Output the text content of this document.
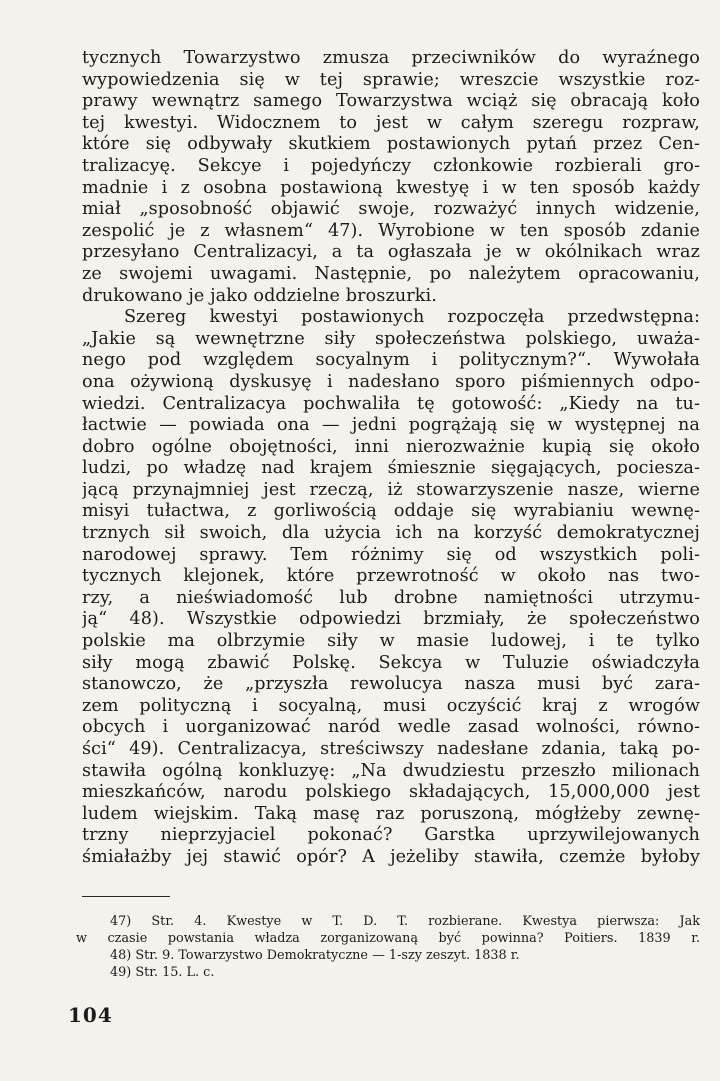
tycznych Towarzystwo zmusza przeciwników do wyraźnego
wypowiedzenia się w tej sprawie; wreszcie wszystkie roz-
prawy wewnątrz samego Towarzystwa wciąż się obracają koło
tej kwestyi. Widocznem to jest w całym szeregu rozpraw,
które się odbywały skutkiem postawionych pytań przez Cen-
tralizacyę. Sekcye i pojedyńczy członkowie rozbierali gro-
madnie i z osobna postawioną kwestyę i w ten sposób każdy
miał „sposobność objawić swoje, rozważyć innych widzenie,
zespolić je z własnem“ 47). Wyrobione w ten sposób zdanie
przesyłano Centralizacyi, a ta ogłaszała je w okólnikach wraz
ze swojemi uwagami. Następnie, po należytem opracowaniu,
drukowano je jako oddzielne broszurki.
Szereg kwestyi postawionych rozpoczęła przedwstępna:
„Jakie są wewnętrzne siły społeczeństwa polskiego, uważa-
nego pod względem socyalnym i politycznym?“. Wywołała
ona ożywioną dyskusyę i nadesłano sporo piśmiennych odpo-
wiedzi. Centralizacya pochwaliła tę gotowość: „Kiedy na tu-
łactwie — powiada ona — jedni pogrążają się w występnej na
dobro ogólne obojętności, inni nierozważnie kupią się około
ludzi, po władzę nad krajem śmiesznie sięgających, pociesza-
jącą przynajmniej jest rzeczą, iż stowarzyszenie nasze, wierne
misyi tułactwa, z gorliwością oddaje się wyrabianiu wewnę-
trznych sił swoich, dla użycia ich na korzyść demokratycznej
narodowej sprawy. Tem różnimy się od wszystkich poli-
tycznych klejonek, które przewrotność w około nas two-
rzy, a nieświadomość lub drobne namiętności utrzymu-
ją“ 48). Wszystkie odpowiedzi brzmiały, że społeczeństwo
polskie ma olbrzymie siły w masie ludowej, i te tylko
siły mogą zbawić Polskę. Sekcya w Tuluzie oświadczyła
stanowczo, że „przyszła rewolucya nasza musi być zara-
zem polityczną i socyalną, musi oczyścić kraj z wrogów
obcych i uorganizować naród wedle zasad wolności, równo-
ści“ 49). Centralizacya, streściwszy nadesłane zdania, taką po-
stawiła ogólną konkluzyę: „Na dwudziestu przeszło milionach
mieszkańców, narodu polskiego składających, 15,000,000 jest
ludem wiejskim. Taką masę raz poruszoną, mógłżeby zewnę-
trzny nieprzyjaciel pokonać? Garstka uprzywilejowanych
śmiałażby jej stawić opór? A jeżeliby stawiła, czemże byłoby
47) Str. 4. Kwestye w T. D. T. rozbierane. Kwestya pierwsza: Jak
w czasie powstania władza zorganizowaną być powinna? Poitiers. 1839 r.
48) Str. 9. Towarzystwo Demokratyczne — 1-szy zeszyt. 1838 r.
49) Str. 15. L. c.
104
